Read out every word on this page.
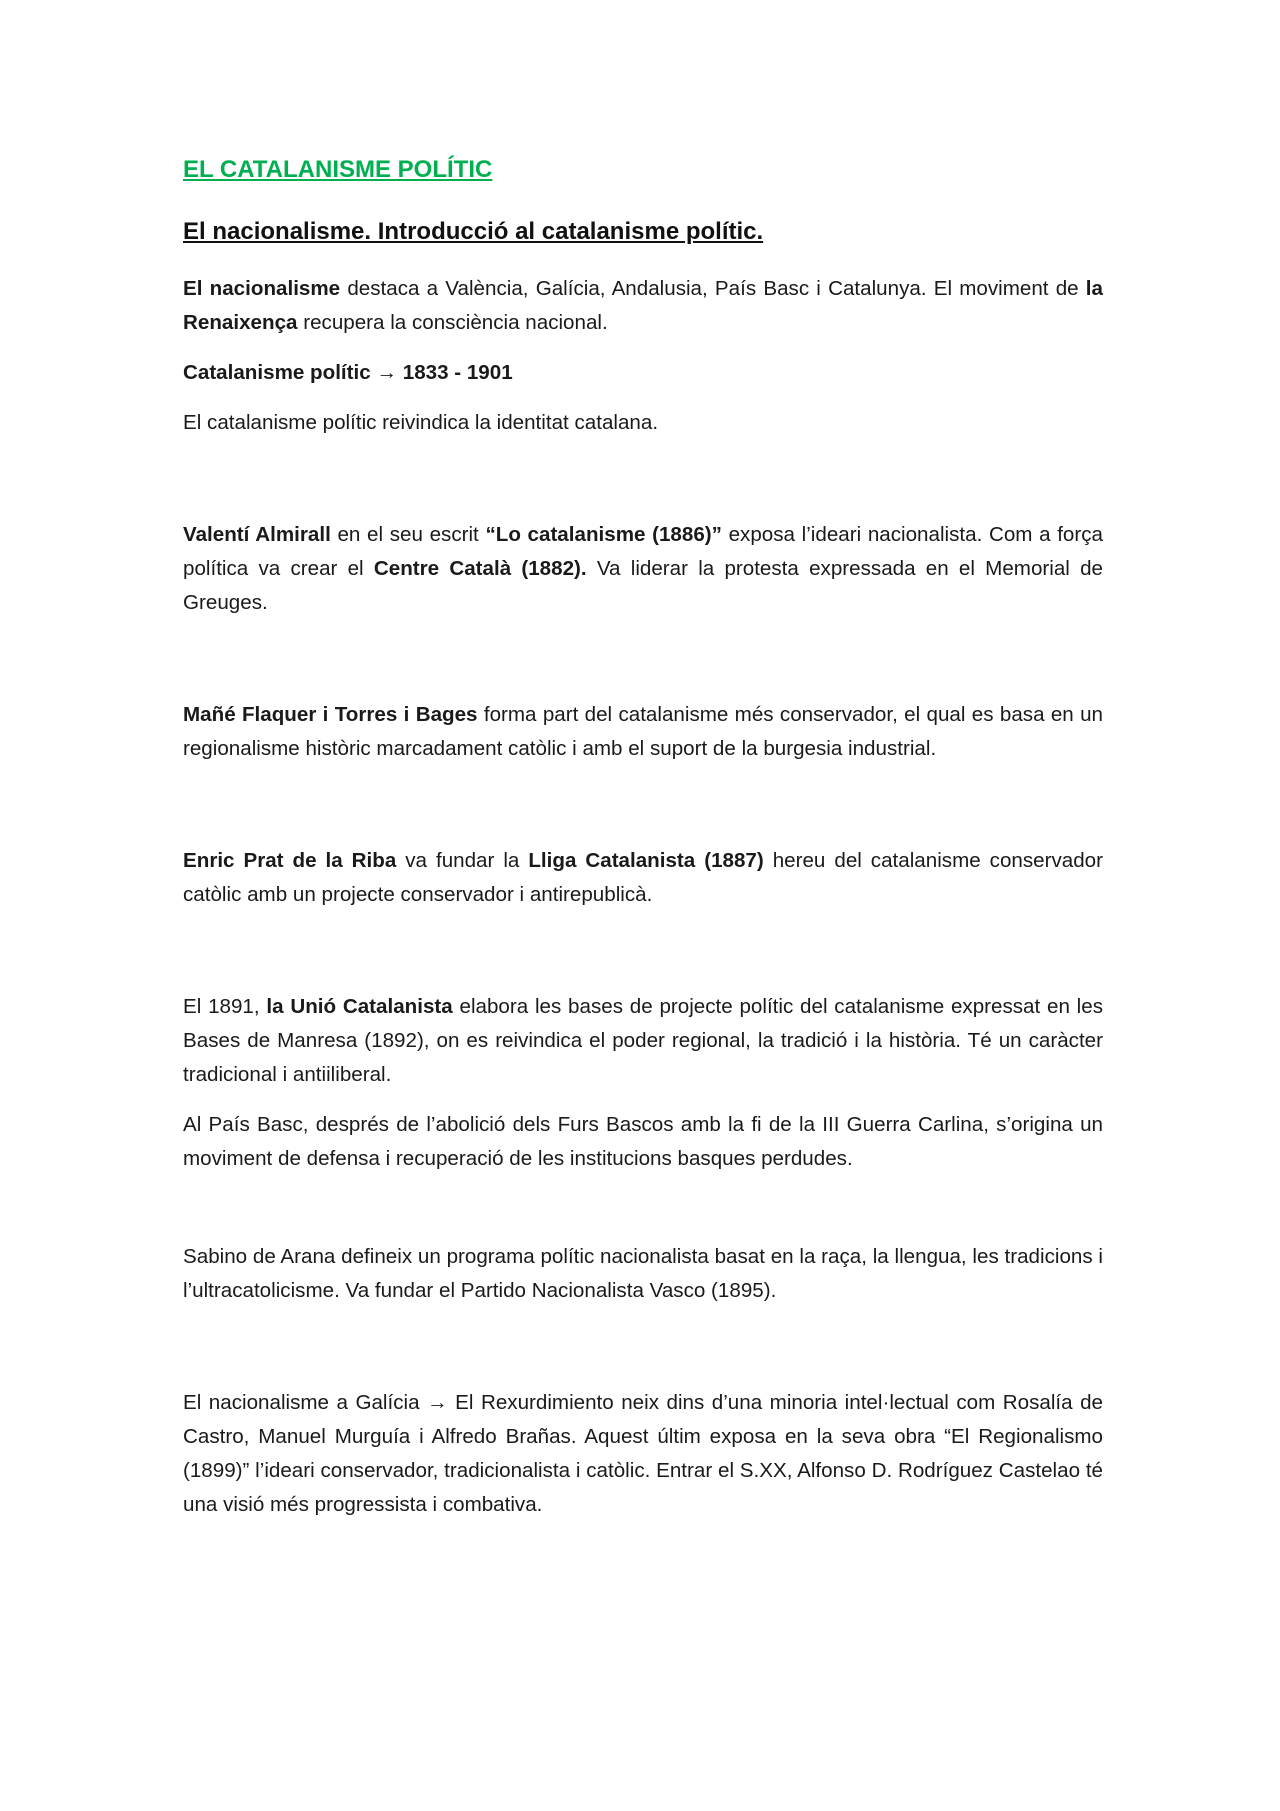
EL CATALANISME POLÍTIC
El nacionalisme. Introducció al catalanisme polític.

El nacionalisme destaca a València, Galícia, Andalusia, País Basc i Catalunya. El moviment de la Renaixença recupera la consciència nacional.

Catalanisme polític → 1833 - 1901

El catalanisme polític reivindica la identitat catalana.

Valentí Almirall en el seu escrit “Lo catalanisme (1886)” exposa l’ideari nacionalista. Com a força política va crear el Centre Català (1882). Va liderar la protesta expressada en el Memorial de Greuges.

Mañé Flaquer i Torres i Bages forma part del catalanisme més conservador, el qual es basa en un regionalisme històric marcadament catòlic i amb el suport de la burgesia industrial.

Enric Prat de la Riba va fundar la Lliga Catalanista (1887) hereu del catalanisme conservador catòlic amb un projecte conservador i antirepublicà.

El 1891, la Unió Catalanista elabora les bases de projecte polític del catalanisme expressat en les Bases de Manresa (1892), on es reivindica el poder regional, la tradició i la història. Té un caràcter tradicional i antiiliberal.

Al País Basc, després de l’abolició dels Furs Bascos amb la fi de la III Guerra Carlina, s’origina un moviment de defensa i recuperació de les institucions basques perdudes.

Sabino de Arana defineix un programa polític nacionalista basat en la raça, la llengua, les tradicions i l’ultracatolicisme. Va fundar el Partido Nacionalista Vasco (1895).

El nacionalisme a Galícia → El Rexurdimiento neix dins d’una minoria intel·lectual com Rosalía de Castro, Manuel Murguía i Alfredo Brañas. Aquest últim exposa en la seva obra “El Regionalismo (1899)” l’ideari conservador, tradicionalista i catòlic. Entrar el S.XX, Alfonso D. Rodríguez Castelao té una visió més progressista i combativa.
